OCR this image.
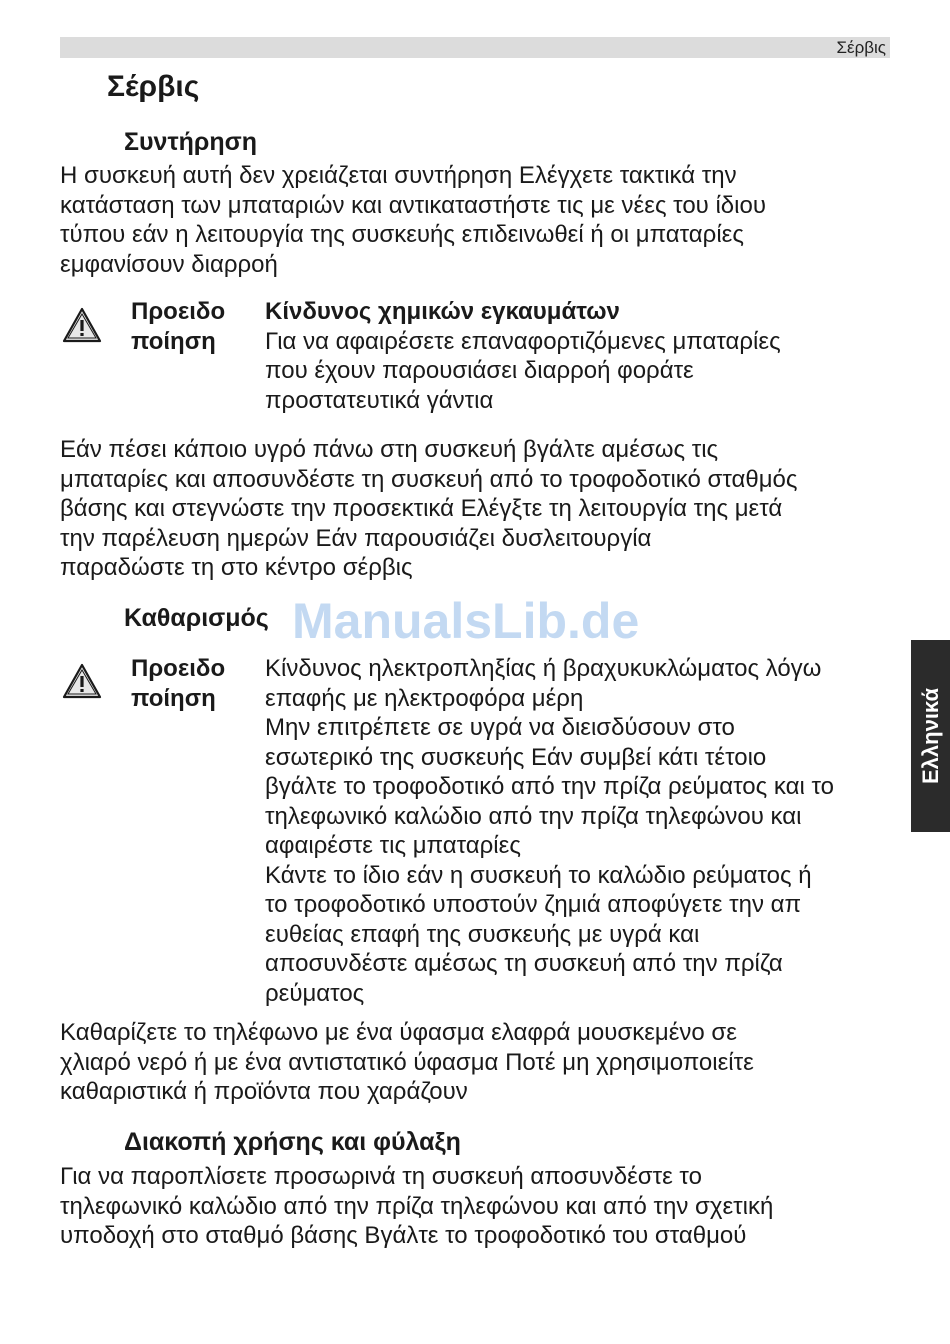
Σέρβις
Ελληνικά
Σέρβις
Συντήρηση
Η συσκευή αυτή δεν χρειάζεται συντήρηση Ελέγχετε τακτικά την
κατάσταση των μπαταριών και αντικαταστήστε τις με νέες του ίδιου
τύπου εάν η λειτουργία της συσκευής επιδεινωθεί ή οι μπαταρίες
εμφανίσουν διαρροή
Προειδο
ποίηση
Κίνδυνος χημικών εγκαυμάτων
Για να αφαιρέσετε επαναφορτιζόμενες μπαταρίες
που έχουν παρουσιάσει διαρροή φοράτε
προστατευτικά γάντια
Εάν πέσει κάποιο υγρό πάνω στη συσκευή βγάλτε αμέσως τις
μπαταρίες και αποσυνδέστε τη συσκευή από το τροφοδοτικό σταθμός
βάσης και στεγνώστε την προσεκτικά Ελέγξτε τη λειτουργία της μετά
την παρέλευση ημερών Εάν παρουσιάζει δυσλειτουργία
παραδώστε τη στο κέντρο σέρβις
Καθαρισμός ManualsLib.de
Προειδο
ποίηση
Κίνδυνος ηλεκτροπληξίας ή βραχυκυκλώματος λόγω
επαφής με ηλεκτροφόρα μέρη
Μην επιτρέπετε σε υγρά να διεισδύσουν στο
εσωτερικό της συσκευής Εάν συμβεί κάτι τέτοιο
βγάλτε το τροφοδοτικό από την πρίζα ρεύματος και το
τηλεφωνικό καλώδιο από την πρίζα τηλεφώνου και
αφαιρέστε τις μπαταρίες
Κάντε το ίδιο εάν η συσκευή το καλώδιο ρεύματος ή
το τροφοδοτικό υποστούν ζημιά αποφύγετε την απ
ευθείας επαφή της συσκευής με υγρά και
αποσυνδέστε αμέσως τη συσκευή από την πρίζα
ρεύματος
Καθαρίζετε το τηλέφωνο με ένα ύφασμα ελαφρά μουσκεμένο σε
χλιαρό νερό ή με ένα αντιστατικό ύφασμα Ποτέ μη χρησιμοποιείτε
καθαριστικά ή προϊόντα που χαράζουν
Διακοπή χρήσης και φύλαξη
Για να παροπλίσετε προσωρινά τη συσκευή αποσυνδέστε το
τηλεφωνικό καλώδιο από την πρίζα τηλεφώνου και από την σχετική
υποδοχή στο σταθμό βάσης Βγάλτε το τροφοδοτικό του σταθμού
